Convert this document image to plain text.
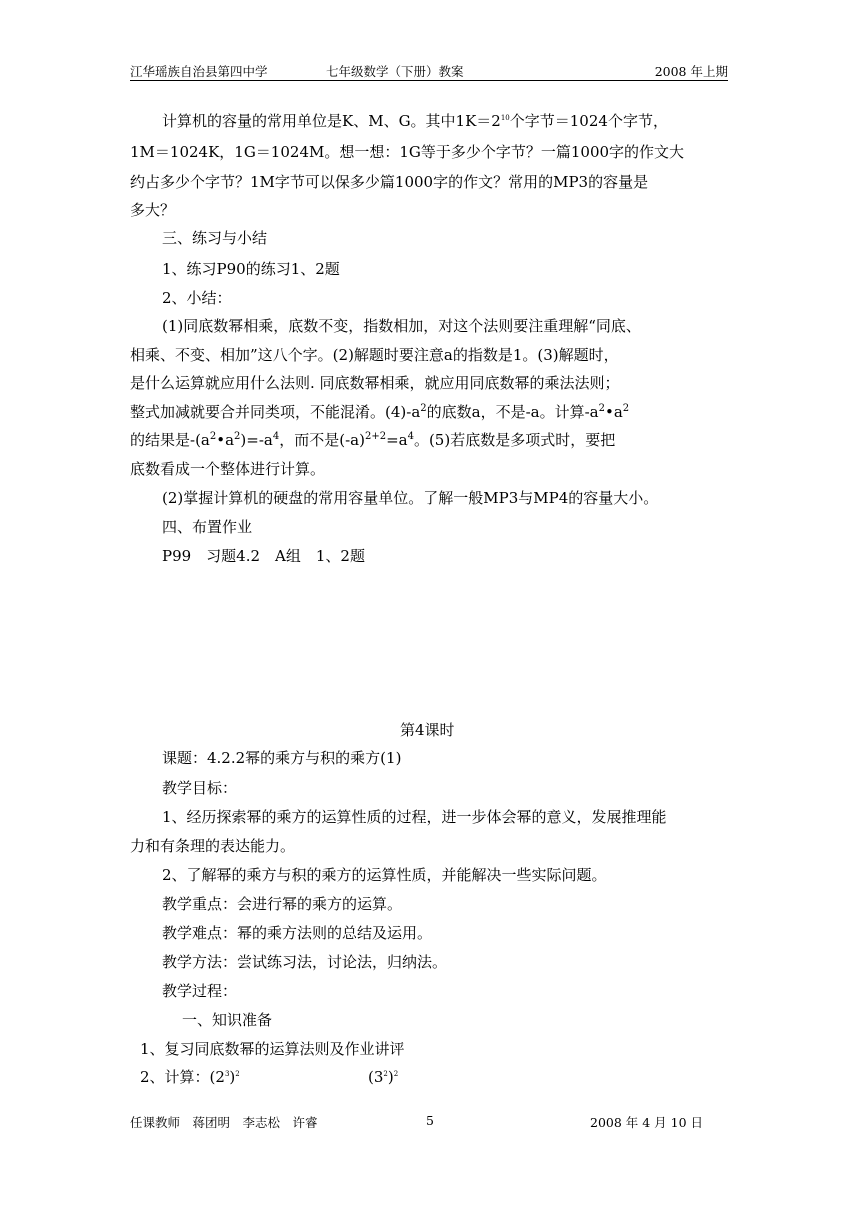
江华瑶族自治县第四中学	七年级数学（下册）教案	2008 年上期
计算机的容量的常用单位是K、M、G。其中$1K=2^{10}$个字节＝1024个字节，
1M＝1024K，1G＝1024M。想一想：1G等于多少个字节？一篇1000字的作文大
约占多少个字节？1M字节可以保多少篇1000字的作文？常用的MP3的容量是
多大？
三、练习与小结
1、练习P90的练习1、2题
2、小结：
(1)同底数幂相乘，底数不变，指数相加，对这个法则要注重理解“同底、
相乘、不变、相加”这八个字。(2)解题时要注意a的指数是1。(3)解题时，
是什么运算就应用什么法则. 同底数幂相乘，就应用同底数幂的乘法法则；
整式加减就要合并同类项，不能混淆。$(4)-a^2$的底数a，不是-a。计算$-a^2•a^2$
的结果是$-(a^2•a^2)=-a^4$，而不是$(-a)^{2+2}=a^4$。(5)若底数是多项式时，要把
底数看成一个整体进行计算。
(2)掌握计算机的硬盘的常用容量单位。了解一般MP3与MP4的容量大小。
四、布置作业
P99　习题4.2　A组　1、2题
第4课时
课题：4.2.2幂的乘方与积的乘方(1)
教学目标：
1、经历探索幂的乘方的运算性质的过程，进一步体会幂的意义，发展推理能
力和有条理的表达能力。
2、了解幂的乘方与积的乘方的运算性质，并能解决一些实际问题。
教学重点：会进行幂的乘方的运算。
教学难点：幂的乘方法则的总结及运用。
教学方法：尝试练习法，讨论法，归纳法。
教学过程：
一、知识准备
1、复习同底数幂的运算法则及作业讲评
2、计算：$(2^3)^2$	$(3^2)^2$
任课教师　蒋团明　李志松　许睿	5	2008 年 4 月 10 日
